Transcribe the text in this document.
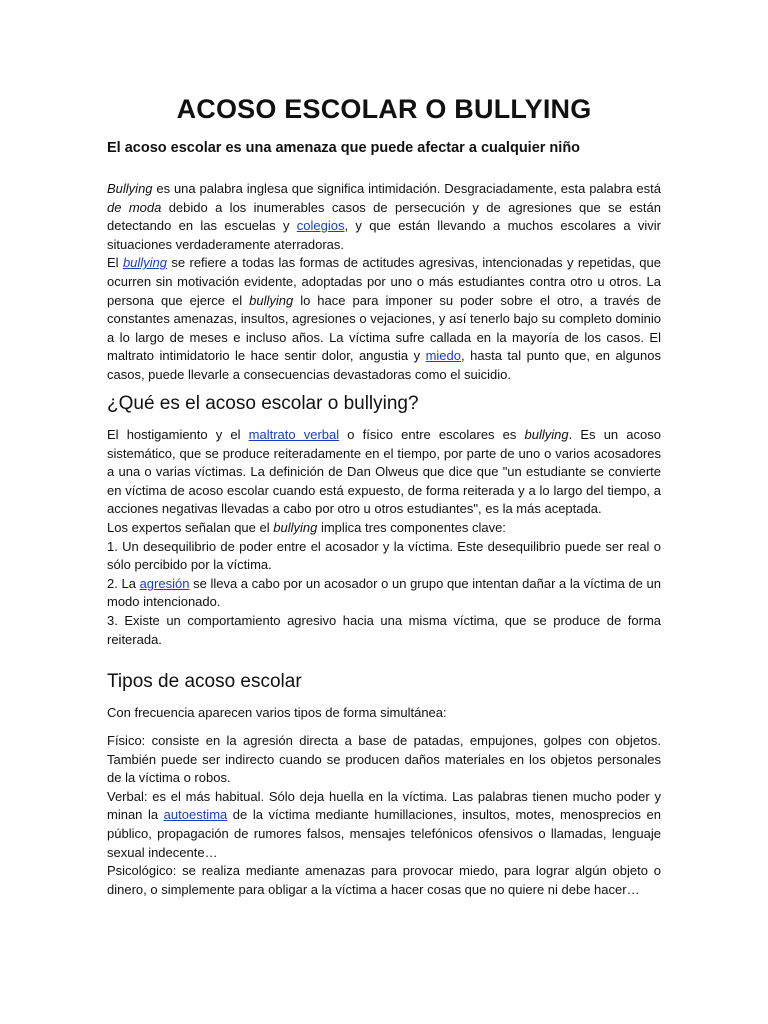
ACOSO ESCOLAR O BULLYING
El acoso escolar es una amenaza que puede afectar a cualquier niño

Bullying es una palabra inglesa que significa intimidación. Desgraciadamente, esta palabra está de moda debido a los inumerables casos de persecución y de agresiones que se están detectando en las escuelas y colegios, y que están llevando a muchos escolares a vivir situaciones verdaderamente aterradoras.

El bullying se refiere a todas las formas de actitudes agresivas, intencionadas y repetidas, que ocurren sin motivación evidente, adoptadas por uno o más estudiantes contra otro u otros. La persona que ejerce el bullying lo hace para imponer su poder sobre el otro, a través de constantes amenazas, insultos, agresiones o vejaciones, y así tenerlo bajo su completo dominio a lo largo de meses e incluso años. La víctima sufre callada en la mayoría de los casos. El maltrato intimidatorio le hace sentir dolor, angustia y miedo, hasta tal punto que, en algunos casos, puede llevarle a consecuencias devastadoras como el suicidio.

¿Qué es el acoso escolar o bullying?

El hostigamiento y el maltrato verbal o físico entre escolares es bullying. Es un acoso sistemático, que se produce reiteradamente en el tiempo, por parte de uno o varios acosadores a una o varias víctimas. La definición de Dan Olweus que dice que "un estudiante se convierte en víctima de acoso escolar cuando está expuesto, de forma reiterada y a lo largo del tiempo, a acciones negativas llevadas a cabo por otro u otros estudiantes", es la más aceptada.

Los expertos señalan que el bullying implica tres componentes clave:

1. Un desequilibrio de poder entre el acosador y la víctima. Este desequilibrio puede ser real o sólo percibido por la víctima.

2. La agresión se lleva a cabo por un acosador o un grupo que intentan dañar a la víctima de un modo intencionado.

3. Existe un comportamiento agresivo hacia una misma víctima, que se produce de forma reiterada.

Tipos de acoso escolar

Con frecuencia aparecen varios tipos de forma simultánea:

Físico: consiste en la agresión directa a base de patadas, empujones, golpes con objetos. También puede ser indirecto cuando se producen daños materiales en los objetos personales de la víctima o robos.

Verbal: es el más habitual. Sólo deja huella en la víctima. Las palabras tienen mucho poder y minan la autoestima de la víctima mediante humillaciones, insultos, motes, menosprecios en público, propagación de rumores falsos, mensajes telefónicos ofensivos o llamadas, lenguaje sexual indecente…

Psicológico: se realiza mediante amenazas para provocar miedo, para lograr algún objeto o dinero, o simplemente para obligar a la víctima a hacer cosas que no quiere ni debe hacer…
